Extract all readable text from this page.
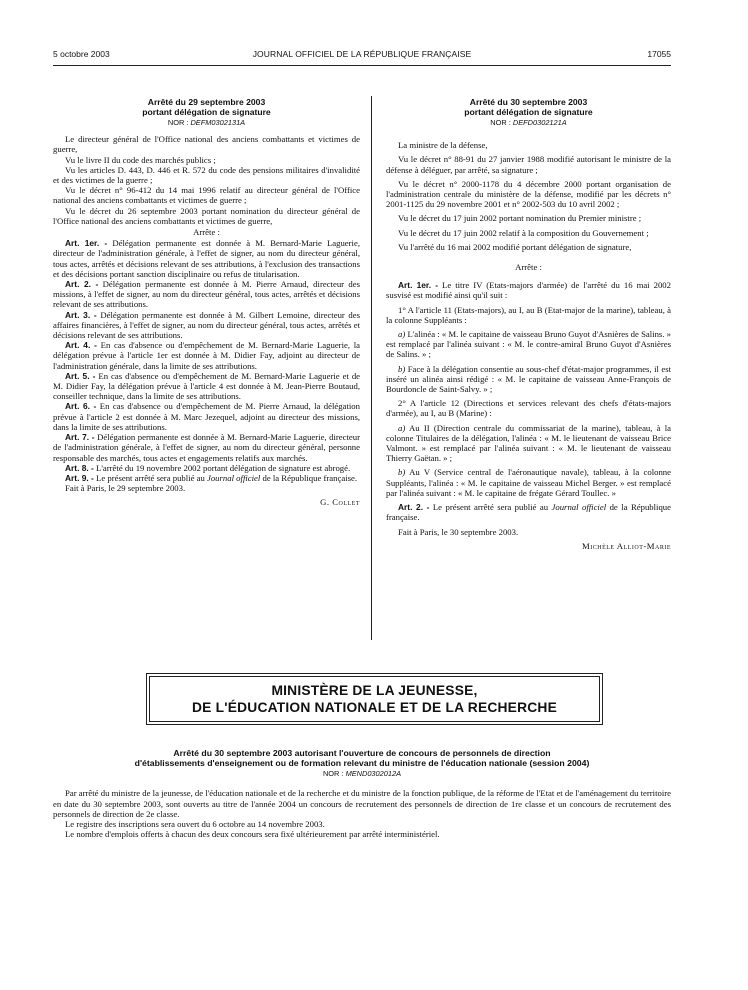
5 octobre 2003	JOURNAL OFFICIEL DE LA RÉPUBLIQUE FRANÇAISE	17055
Arrêté du 29 septembre 2003
portant délégation de signature
NOR : DEFM0302131A
Le directeur général de l'Office national des anciens combattants et victimes de guerre,
Vu le livre II du code des marchés publics ;
Vu les articles D. 443, D. 446 et R. 572 du code des pensions militaires d'invalidité et des victimes de la guerre ;
Vu le décret n° 96-412 du 14 mai 1996 relatif au directeur général de l'Office national des anciens combattants et victimes de guerre ;
Vu le décret du 26 septembre 2003 portant nomination du directeur général de l'Office national des anciens combattants et victimes de guerre,
Arrête :
Art. 1er. - Délégation permanente est donnée à M. Bernard-Marie Laguerie, directeur de l'administration générale, à l'effet de signer, au nom du directeur général, tous actes, arrêtés et décisions relevant de ses attributions, à l'exclusion des transactions et des décisions portant sanction disciplinaire ou refus de titularisation.
Art. 2. - Délégation permanente est donnée à M. Pierre Arnaud, directeur des missions, à l'effet de signer, au nom du directeur général, tous actes, arrêtés et décisions relevant de ses attributions.
Art. 3. - Délégation permanente est donnée à M. Gilbert Lemoine, directeur des affaires financières, à l'effet de signer, au nom du directeur général, tous actes, arrêtés et décisions relevant de ses attributions.
Art. 4. - En cas d'absence ou d'empêchement de M. Bernard-Marie Laguerie, la délégation prévue à l'article 1er est donnée à M. Didier Fay, adjoint au directeur de l'administration générale, dans la limite de ses attributions.
Art. 5. - En cas d'absence ou d'empêchement de M. Bernard-Marie Laguerie et de M. Didier Fay, la délégation prévue à l'article 4 est donnée à M. Jean-Pierre Boutaud, conseiller technique, dans la limite de ses attributions.
Art. 6. - En cas d'absence ou d'empêchement de M. Pierre Arnaud, la délégation prévue à l'article 2 est donnée à M. Marc Jezequel, adjoint au directeur des missions, dans la limite de ses attributions.
Art. 7. - Délégation permanente est donnée à M. Bernard-Marie Laguerie, directeur de l'administration générale, à l'effet de signer, au nom du directeur général, personne responsable des marchés, tous actes et engagements relatifs aux marchés.
Art. 8. - L'arrêté du 19 novembre 2002 portant délégation de signature est abrogé.
Art. 9. - Le présent arrêté sera publié au Journal officiel de la République française.
Fait à Paris, le 29 septembre 2003.
G. Collet
Arrêté du 30 septembre 2003
portant délégation de signature
NOR : DEFD0302121A
La ministre de la défense,
Vu le décret n° 88-91 du 27 janvier 1988 modifié autorisant le ministre de la défense à déléguer, par arrêté, sa signature ;
Vu le décret n° 2000-1178 du 4 décembre 2000 portant organisation de l'administration centrale du ministère de la défense, modifié par les décrets n° 2001-1125 du 29 novembre 2001 et n° 2002-503 du 10 avril 2002 ;
Vu le décret du 17 juin 2002 portant nomination du Premier ministre ;
Vu le décret du 17 juin 2002 relatif à la composition du Gouvernement ;
Vu l'arrêté du 16 mai 2002 modifié portant délégation de signature,
Arrête :
Art. 1er. - Le titre IV (Etats-majors d'armée) de l'arrêté du 16 mai 2002 susvisé est modifié ainsi qu'il suit :
1° A l'article 11 (Etats-majors), au I, au B (Etat-major de la marine), tableau, à la colonne Suppléants :
a) L'alinéa : « M. le capitaine de vaisseau Bruno Guyot d'Asnières de Salins. » est remplacé par l'alinéa suivant : « M. le contre-amiral Bruno Guyot d'Asnières de Salins. » ;
b) Face à la délégation consentie au sous-chef d'état-major programmes, il est inséré un alinéa ainsi rédigé : « M. le capitaine de vaisseau Anne-François de Bourdoncle de Saint-Salvy. » ;
2° A l'article 12 (Directions et services relevant des chefs d'états-majors d'armée), au I, au B (Marine) :
a) Au II (Direction centrale du commissariat de la marine), tableau, à la colonne Titulaires de la délégation, l'alinéa : « M. le lieutenant de vaisseau Brice Valmont. » est remplacé par l'alinéa suivant : « M. le lieutenant de vaisseau Thierry Gaëtan. » ;
b) Au V (Service central de l'aéronautique navale), tableau, à la colonne Suppléants, l'alinéa : « M. le capitaine de vaisseau Michel Berger. » est remplacé par l'alinéa suivant : « M. le capitaine de frégate Gérard Toullec. »
Art. 2. - Le présent arrêté sera publié au Journal officiel de la République française.
Fait à Paris, le 30 septembre 2003.
Michèle Alliot-Marie
MINISTÈRE DE LA JEUNESSE,
DE L'ÉDUCATION NATIONALE ET DE LA RECHERCHE
Arrêté du 30 septembre 2003 autorisant l'ouverture de concours de personnels de direction
d'établissements d'enseignement ou de formation relevant du ministre de l'éducation nationale (session 2004)
NOR : MEND0302012A
Par arrêté du ministre de la jeunesse, de l'éducation nationale et de la recherche et du ministre de la fonction publique, de la réforme de l'Etat et de l'aménagement du territoire en date du 30 septembre 2003, sont ouverts au titre de l'année 2004 un concours de recrutement des personnels de direction de 1re classe et un concours de recrutement des personnels de direction de 2e classe.
Le registre des inscriptions sera ouvert du 6 octobre au 14 novembre 2003.
Le nombre d'emplois offerts à chacun des deux concours sera fixé ultérieurement par arrêté interministériel.
